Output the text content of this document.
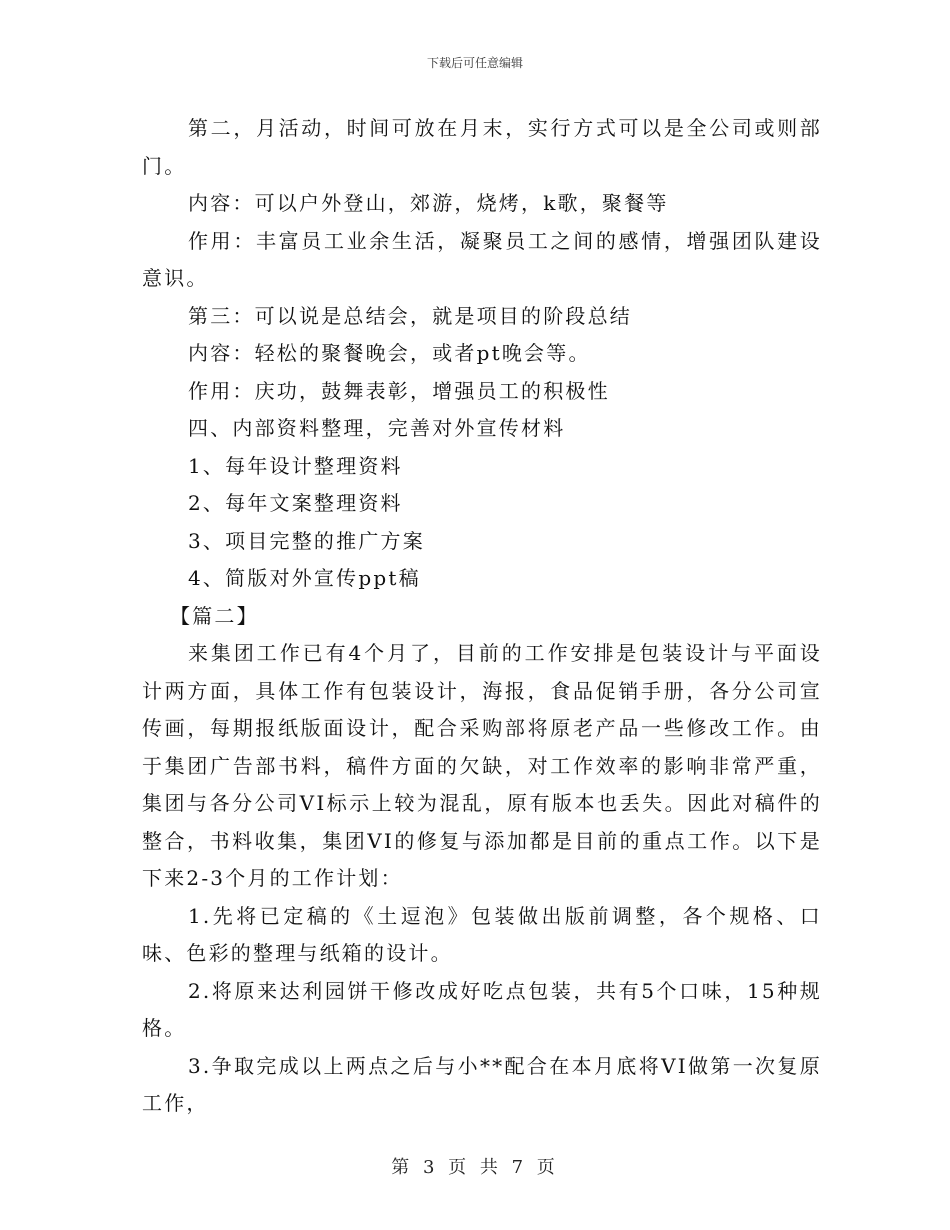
下载后可任意编辑

第二，月活动，时间可放在月末，实行方式可以是全公司或则部门。

内容：可以户外登山，郊游，烧烤，k歌，聚餐等

作用：丰富员工业余生活，凝聚员工之间的感情，增强团队建设意识。

第三：可以说是总结会，就是项目的阶段总结

内容：轻松的聚餐晚会，或者pt晚会等。

作用：庆功，鼓舞表彰，增强员工的积极性

四、内部资料整理，完善对外宣传材料

1、每年设计整理资料

2、每年文案整理资料

3、项目完整的推广方案

4、简版对外宣传ppt稿

【篇二】

来集团工作已有4个月了，目前的工作安排是包装设计与平面设计两方面，具体工作有包装设计，海报，食品促销手册，各分公司宣传画，每期报纸版面设计，配合采购部将原老产品一些修改工作。由于集团广告部书料，稿件方面的欠缺，对工作效率的影响非常严重，集团与各分公司VI标示上较为混乱，原有版本也丢失。因此对稿件的整合，书料收集，集团VI的修复与添加都是目前的重点工作。以下是下来2-3个月的工作计划：

1.先将已定稿的《土逗泡》包装做出版前调整，各个规格、口味、色彩的整理与纸箱的设计。

2.将原来达利园饼干修改成好吃点包装，共有5个口味，15种规格。

3.争取完成以上两点之后与小**配合在本月底将VI做第一次复原工作，

第 3 页 共 7 页
